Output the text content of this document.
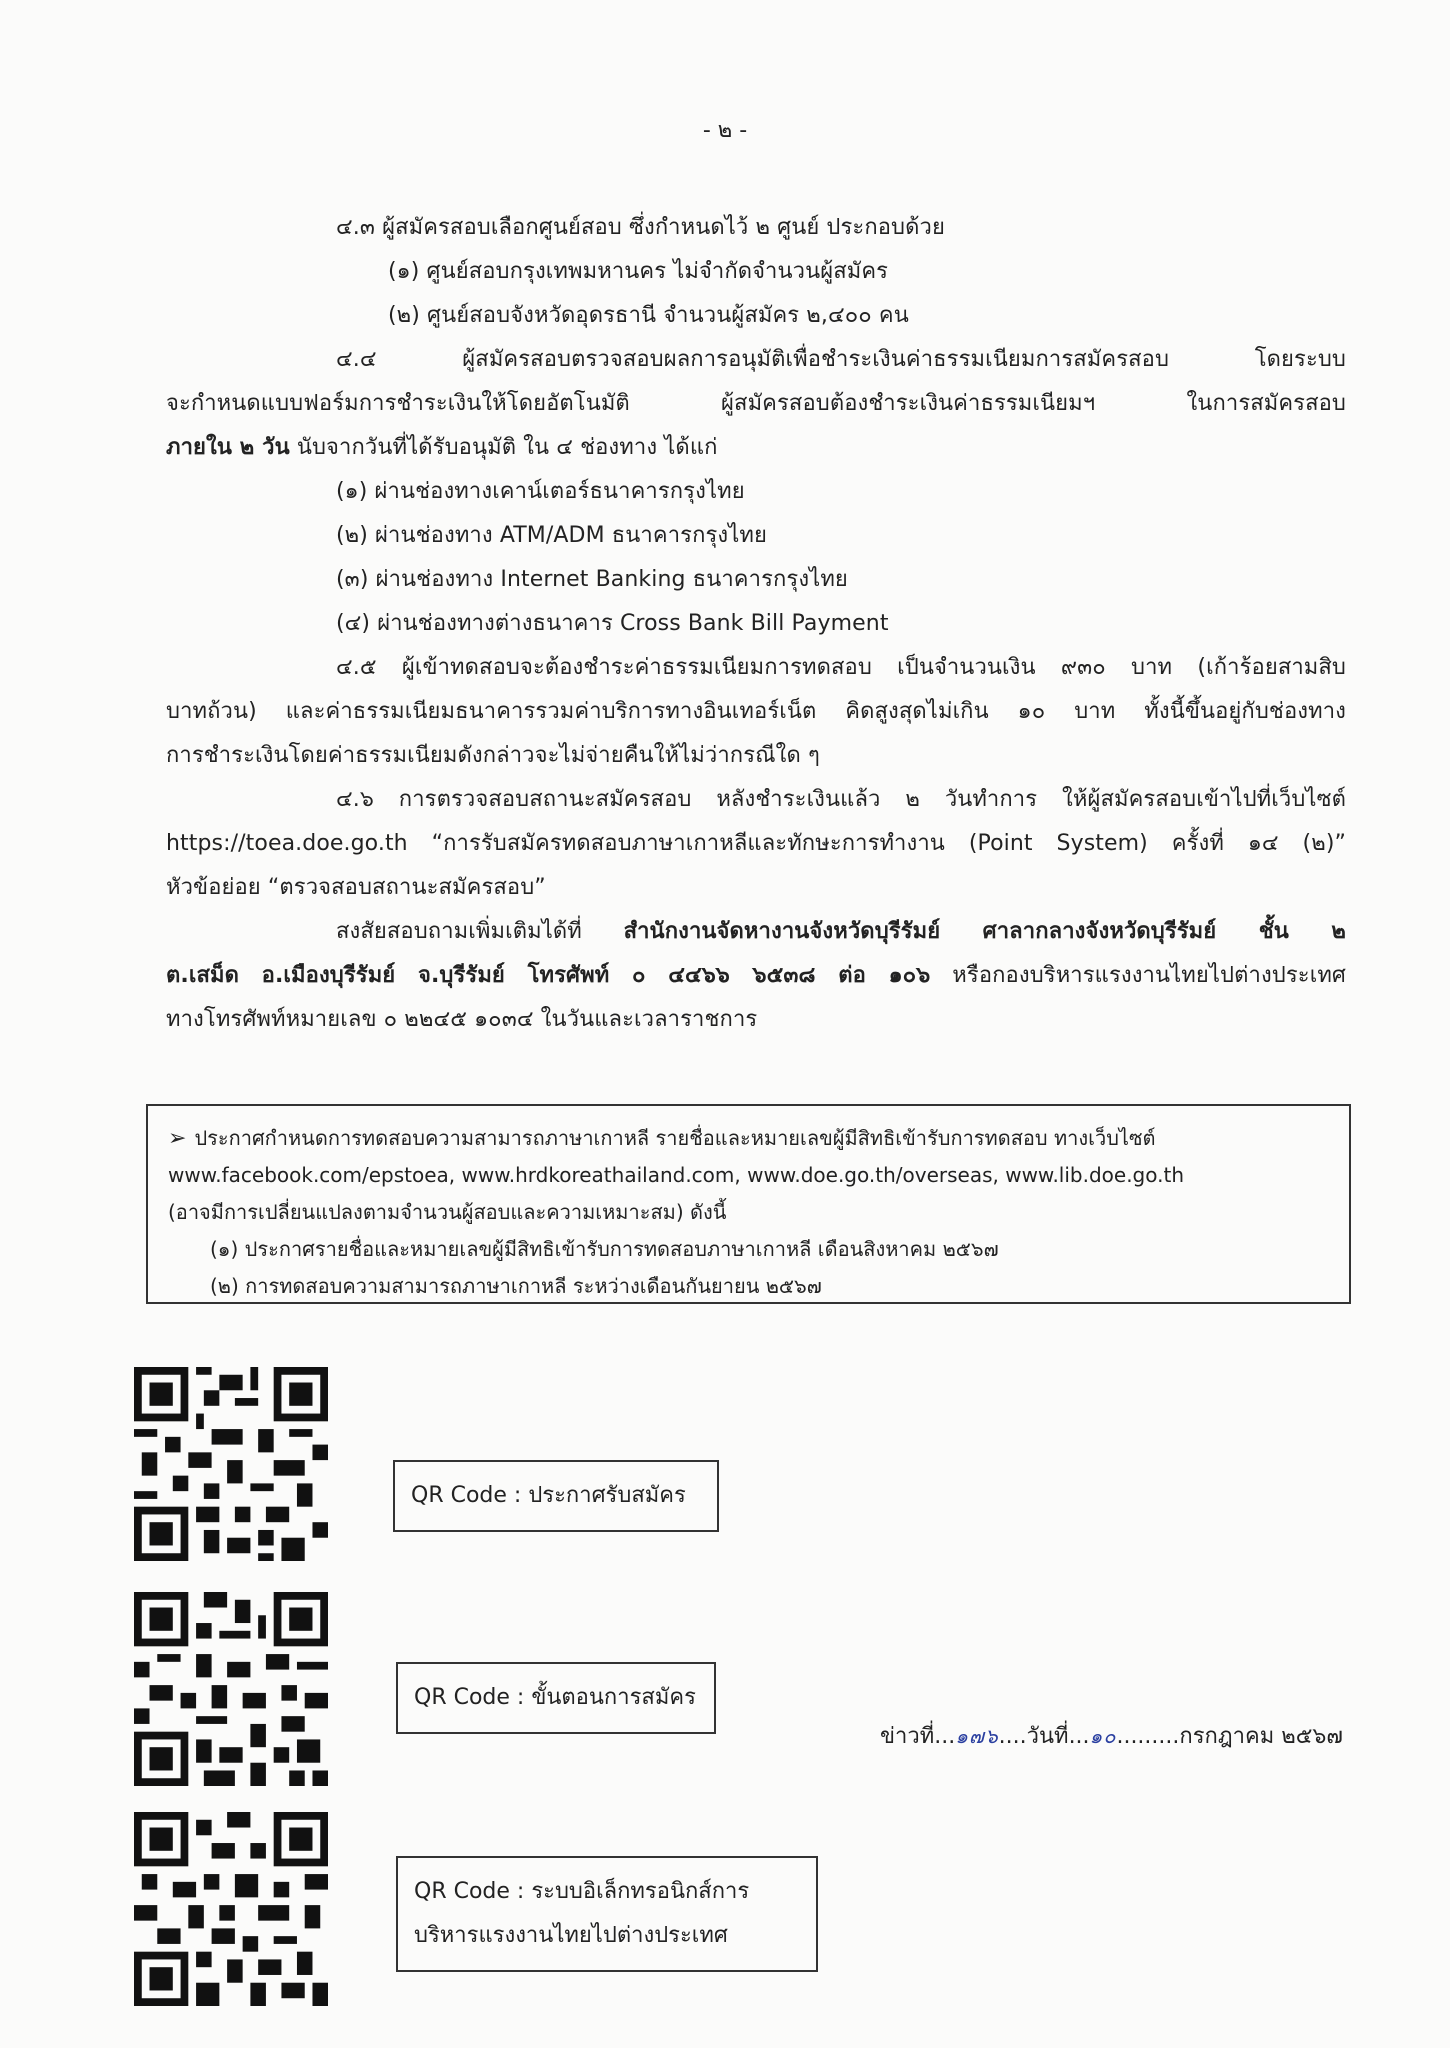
- ๒ -
๔.๓ ผู้สมัครสอบเลือกศูนย์สอบ ซึ่งกำหนดไว้ ๒ ศูนย์ ประกอบด้วย
(๑) ศูนย์สอบกรุงเทพมหานคร ไม่จำกัดจำนวนผู้สมัคร
(๒) ศูนย์สอบจังหวัดอุดรธานี จำนวนผู้สมัคร ๒,๔๐๐ คน
๔.๔ ผู้สมัครสอบตรวจสอบผลการอนุมัติเพื่อชำระเงินค่าธรรมเนียมการสมัครสอบ โดยระบบ
จะกำหนดแบบฟอร์มการชำระเงินให้โดยอัตโนมัติ ผู้สมัครสอบต้องชำระเงินค่าธรรมเนียมฯ ในการสมัครสอบ
ภายใน ๒ วัน นับจากวันที่ได้รับอนุมัติ ใน ๔ ช่องทาง ได้แก่
(๑) ผ่านช่องทางเคาน์เตอร์ธนาคารกรุงไทย
(๒) ผ่านช่องทาง ATM/ADM ธนาคารกรุงไทย
(๓) ผ่านช่องทาง Internet Banking ธนาคารกรุงไทย
(๔) ผ่านช่องทางต่างธนาคาร Cross Bank Bill Payment
๔.๕ ผู้เข้าทดสอบจะต้องชำระค่าธรรมเนียมการทดสอบ เป็นจำนวนเงิน ๙๓๐ บาท (เก้าร้อยสามสิบ
บาทถ้วน) และค่าธรรมเนียมธนาคารรวมค่าบริการทางอินเทอร์เน็ต คิดสูงสุดไม่เกิน ๑๐ บาท ทั้งนี้ขึ้นอยู่กับช่องทาง
การชำระเงินโดยค่าธรรมเนียมดังกล่าวจะไม่จ่ายคืนให้ไม่ว่ากรณีใด ๆ
๔.๖ การตรวจสอบสถานะสมัครสอบ หลังชำระเงินแล้ว ๒ วันทำการ ให้ผู้สมัครสอบเข้าไปที่เว็บไซต์
https://toea.doe.go.th “การรับสมัครทดสอบภาษาเกาหลีและทักษะการทำงาน (Point System) ครั้งที่ ๑๔ (๒)”
หัวข้อย่อย “ตรวจสอบสถานะสมัครสอบ”
สงสัยสอบถามเพิ่มเติมได้ที่ สำนักงานจัดหางานจังหวัดบุรีรัมย์ ศาลากลางจังหวัดบุรีรัมย์ ชั้น ๒
ต.เสม็ด อ.เมืองบุรีรัมย์ จ.บุรีรัมย์ โทรศัพท์ ๐ ๔๔๖๖ ๖๕๓๘ ต่อ ๑๐๖ หรือกองบริหารแรงงานไทยไปต่างประเทศ
ทางโทรศัพท์หมายเลข ๐ ๒๒๔๕ ๑๐๓๔ ในวันและเวลาราชการ
➢ ประกาศกำหนดการทดสอบความสามารถภาษาเกาหลี รายชื่อและหมายเลขผู้มีสิทธิเข้ารับการทดสอบ ทางเว็บไซต์
www.facebook.com/epstoea, www.hrdkoreathailand.com, www.doe.go.th/overseas, www.lib.doe.go.th
(อาจมีการเปลี่ยนแปลงตามจำนวนผู้สอบและความเหมาะสม) ดังนี้
(๑) ประกาศรายชื่อและหมายเลขผู้มีสิทธิเข้ารับการทดสอบภาษาเกาหลี เดือนสิงหาคม ๒๕๖๗
(๒) การทดสอบความสามารถภาษาเกาหลี ระหว่างเดือนกันยายน ๒๕๖๗
QR Code : ประกาศรับสมัคร
QR Code : ขั้นตอนการสมัคร
QR Code : ระบบอิเล็กทรอนิกส์การ
บริหารแรงงานไทยไปต่างประเทศ
ข่าวที่...๑๗๖....วันที่...๑๐.........กรกฎาคม ๒๕๖๗
